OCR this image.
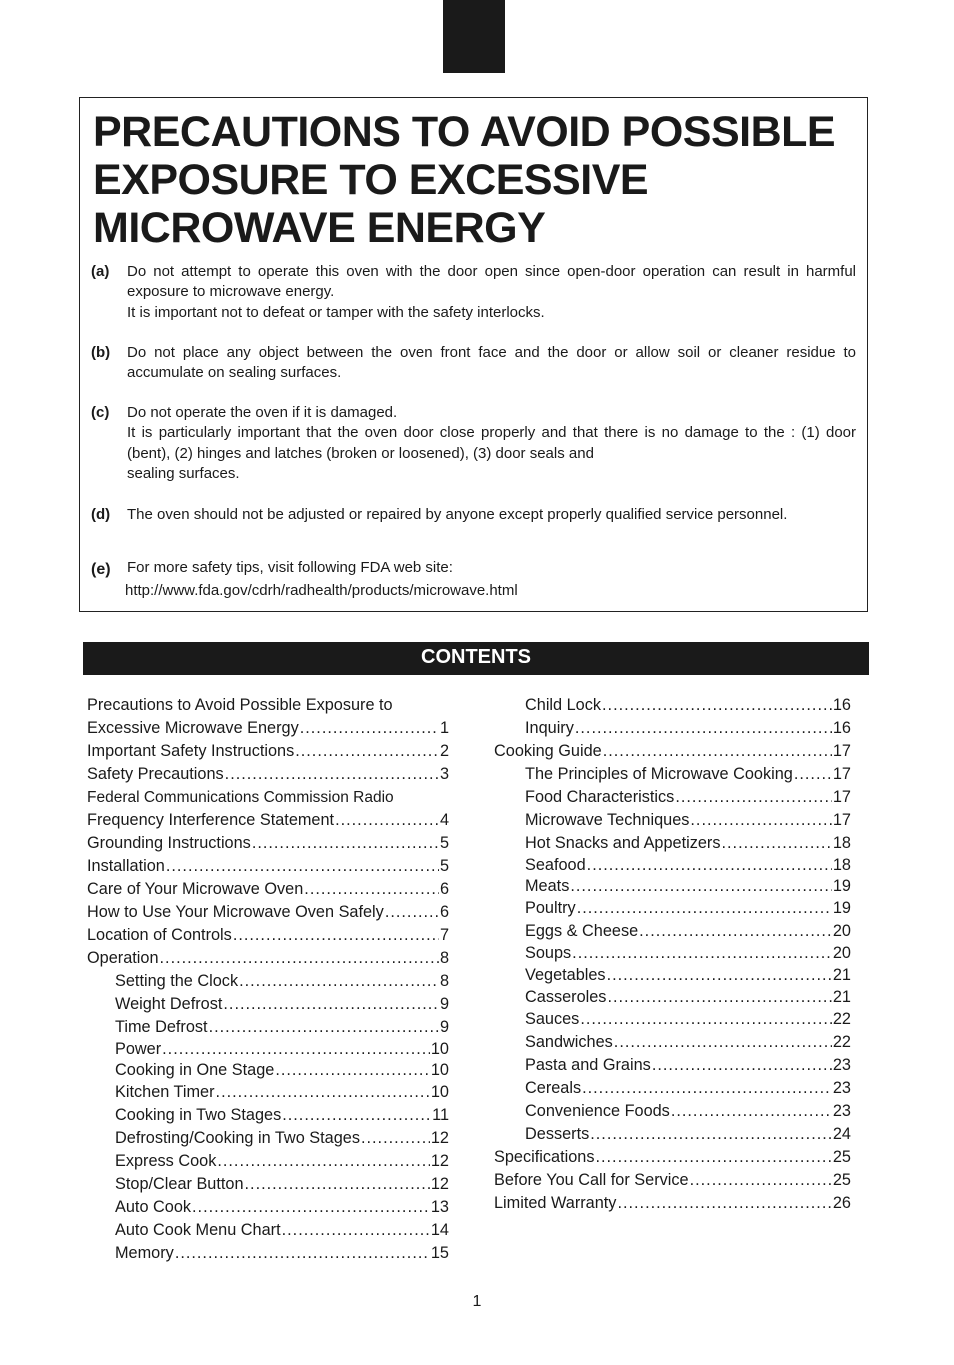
PRECAUTIONS TO AVOID POSSIBLE
EXPOSURE TO EXCESSIVE
MICROWAVE ENERGY
(a) Do not attempt to operate this oven with the door open since open-door operation can result in harmful exposure to microwave energy.

It is important not to defeat or tamper with the safety interlocks.

(b) Do not place any object between the oven front face and the door or allow soil or cleaner residue to accumulate on sealing surfaces.

(c) Do not operate the oven if it is damaged.

It is particularly important that the oven door close properly and that there is no damage to the : (1) door (bent), (2) hinges and latches (broken or loosened), (3) door seals and

sealing surfaces.

(d) The oven should not be adjusted or repaired by anyone except properly qualified service personnel.

(e) For more safety tips, visit following FDA web site:

http://www.fda.gov/cdrh/radhealth/products/microwave.html
CONTENTS
Precautions to Avoid Possible Exposure to
Excessive Microwave Energy .....	1
Important Safety Instructions .....	2
Safety Precautions .....	3
Federal Communications Commission Radio
Frequency Interference Statement .....	4
Grounding Instructions .....	5
Installation .....	5
Care of Your Microwave Oven .....	6
How to Use Your Microwave Oven Safely .....	6
Location of Controls .....	7
Operation .....	8
Setting the Clock .....	8
Weight Defrost .....	9
Time Defrost .....	9
Power .....	10
Cooking in One Stage .....	10
Kitchen Timer .....	10
Cooking in Two Stages .....	11
Defrosting/Cooking in Two Stages .....	12
Express Cook .....	12
Stop/Clear Button .....	12
Auto Cook .....	13
Auto Cook Menu Chart .....	14
Memory .....	15
Child Lock .....	16
Inquiry .....	16
Cooking Guide .....	17
The Principles of Microwave Cooking ..... 17
Food Characteristics .....	17
Microwave Techniques .....	17
Hot Snacks and Appetizers .....	18
Seafood .....	18
Meats .....	19
Poultry .....	19
Eggs & Cheese .....	20
Soups .....	20
Vegetables .....	21
Casseroles .....	21
Sauces .....	22
Sandwiches .....	22
Pasta and Grains .....	23
Cereals .....	23
Convenience Foods .....	23
Desserts .....	24
Specifications .....	25
Before You Call for Service .....	25
Limited Warranty .....	26
1
